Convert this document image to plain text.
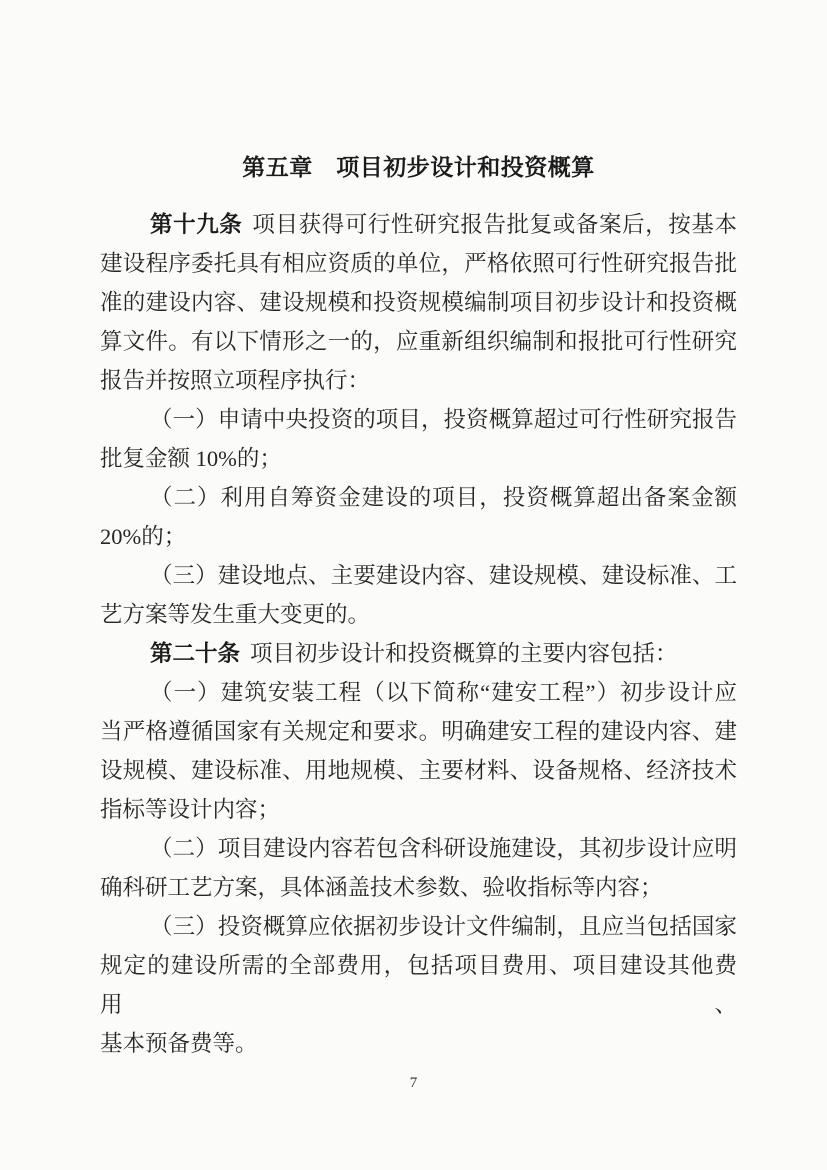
第五章　项目初步设计和投资概算
第十九条 项目获得可行性研究报告批复或备案后，按基本
建设程序委托具有相应资质的单位，严格依照可行性研究报告批
准的建设内容、建设规模和投资规模编制项目初步设计和投资概
算文件。有以下情形之一的，应重新组织编制和报批可行性研究
报告并按照立项程序执行：
（一）申请中央投资的项目，投资概算超过可行性研究报告
批复金额 10%的；
（二）利用自筹资金建设的项目，投资概算超出备案金额
20%的；
（三）建设地点、主要建设内容、建设规模、建设标准、工
艺方案等发生重大变更的。
第二十条 项目初步设计和投资概算的主要内容包括：
（一）建筑安装工程（以下简称“建安工程”）初步设计应
当严格遵循国家有关规定和要求。明确建安工程的建设内容、建
设规模、建设标准、用地规模、主要材料、设备规格、经济技术
指标等设计内容；
（二）项目建设内容若包含科研设施建设，其初步设计应明
确科研工艺方案，具体涵盖技术参数、验收指标等内容；
（三）投资概算应依据初步设计文件编制，且应当包括国家
规定的建设所需的全部费用，包括项目费用、项目建设其他费用、
基本预备费等。
7
